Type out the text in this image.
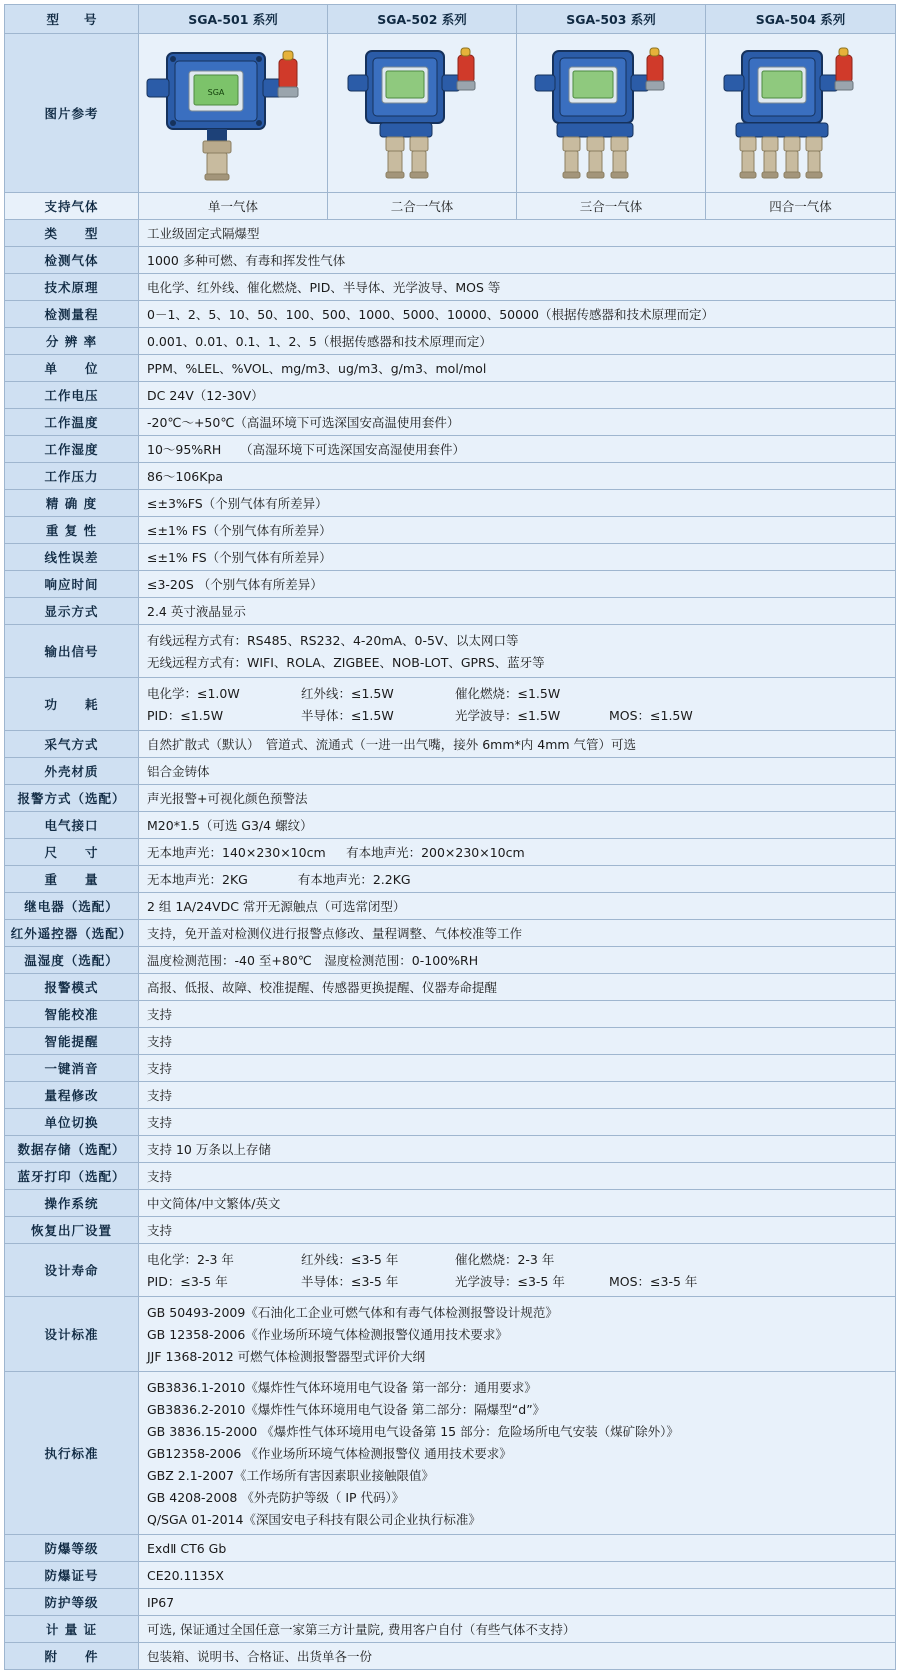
型　　号	SGA-501 系列	SGA-502 系列	SGA-503 系列	SGA-504 系列
图片参考	SGA

支持气体	单一气体	二合一气体	三合一气体	四合一气体
类　　型	工业级固定式隔爆型			
检测气体	1000 多种可燃、有毒和挥发性气体			
技术原理	电化学、红外线、催化燃烧、PID、半导体、光学波导、MOS 等			
检测量程	0－1、2、5、10、50、100、500、1000、5000、10000、50000（根据传感器和技术原理而定）			
分 辨 率	0.001、0.01、0.1、1、2、5（根据传感器和技术原理而定）			
单　　位	PPM、%LEL、%VOL、mg/m3、ug/m3、g/m3、mol/mol			
工作电压	DC 24V（12-30V）			
工作温度	-20℃～+50℃（高温环境下可选深国安高温使用套件）			
工作湿度	10～95%RH　　（高湿环境下可选深国安高湿使用套件）			
工作压力	86～106Kpa			
精 确 度	≤±3%FS（个别气体有所差异）			
重 复 性	≤±1% FS（个别气体有所差异）			
线性误差	≤±1% FS（个别气体有所差异）			
响应时间	≤3-20S （个别气体有所差异）			
显示方式	2.4 英寸液晶显示			
输出信号	有线远程方式有：RS485、RS232、4-20mA、0-5V、以太网口等
无线远程方式有：WIFI、ROLA、ZIGBEE、NOB-LOT、GPRS、蓝牙等			

功　　耗	电化学：≤1.0W 红外线：≤1.5W 催化燃烧：≤1.5W
PID：≤1.5W 半导体：≤1.5W 光学波导：≤1.5W MOS：≤1.5W			

采气方式	自然扩散式（默认）　管道式、流通式（一进一出气嘴，接外 6mm*内 4mm 气管）可选			
外壳材质	铝合金铸体			
报警方式（选配）	声光报警+可视化颜色预警法			
电气接口	M20*1.5（可选 G3/4 螺纹）			
尺　　寸	无本地声光：140×230×10cm 　 有本地声光：200×230×10cm			
重　　量	无本地声光：2KG　　　　有本地声光：2.2KG			
继电器（选配）	2 组 1A/24VDC 常开无源触点（可选常闭型）			
红外遥控器（选配）	支持，免开盖对检测仪进行报警点修改、量程调整、气体校准等工作			
温湿度（选配）	温度检测范围：-40 至+80℃　湿度检测范围：0-100%RH			
报警模式	高报、低报、故障、校准提醒、传感器更换提醒、仪器寿命提醒			
智能校准	支持			
智能提醒	支持			
一键消音	支持			
量程修改	支持			
单位切换	支持			
数据存储（选配）	支持 10 万条以上存储			
蓝牙打印（选配）	支持			
操作系统	中文简体/中文繁体/英文			
恢复出厂设置	支持			
设计寿命	电化学：2-3 年 红外线：≤3-5 年 催化燃烧：2-3 年
PID：≤3-5 年 半导体：≤3-5 年 光学波导：≤3-5 年 MOS：≤3-5 年			

设计标准	GB 50493-2009《石油化工企业可燃气体和有毒气体检测报警设计规范》
GB 12358-2006《作业场所环境气体检测报警仪通用技术要求》
JJF 1368-2012 可燃气体检测报警器型式评价大纲			

执行标准	
GB3836.1-2010《爆炸性气体环境用电气设备 第一部分：通用要求》
GB3836.2-2010《爆炸性气体环境用电气设备 第二部分：隔爆型“d”》
GB 3836.15-2000 《爆炸性气体环境用电气设备第 15 部分：危险场所电气安装（煤矿除外）》
GB12358-2006 《作业场所环境气体检测报警仪 通用技术要求》
GBZ 2.1-2007《工作场所有害因素职业接触限值》
GB 4208-2008 《外壳防护等级（ IP 代码）》
Q/SGA 01-2014《深国安电子科技有限公司企业执行标准》

防爆等级	ExdⅡ CT6 Gb			
防爆证号	CE20.1135X			
防护等级	IP67			
计 量 证	可选, 保证通过全国任意一家第三方计量院, 费用客户自付（有些气体不支持）			
附　　件	包装箱、说明书、合格证、出货单各一份			
